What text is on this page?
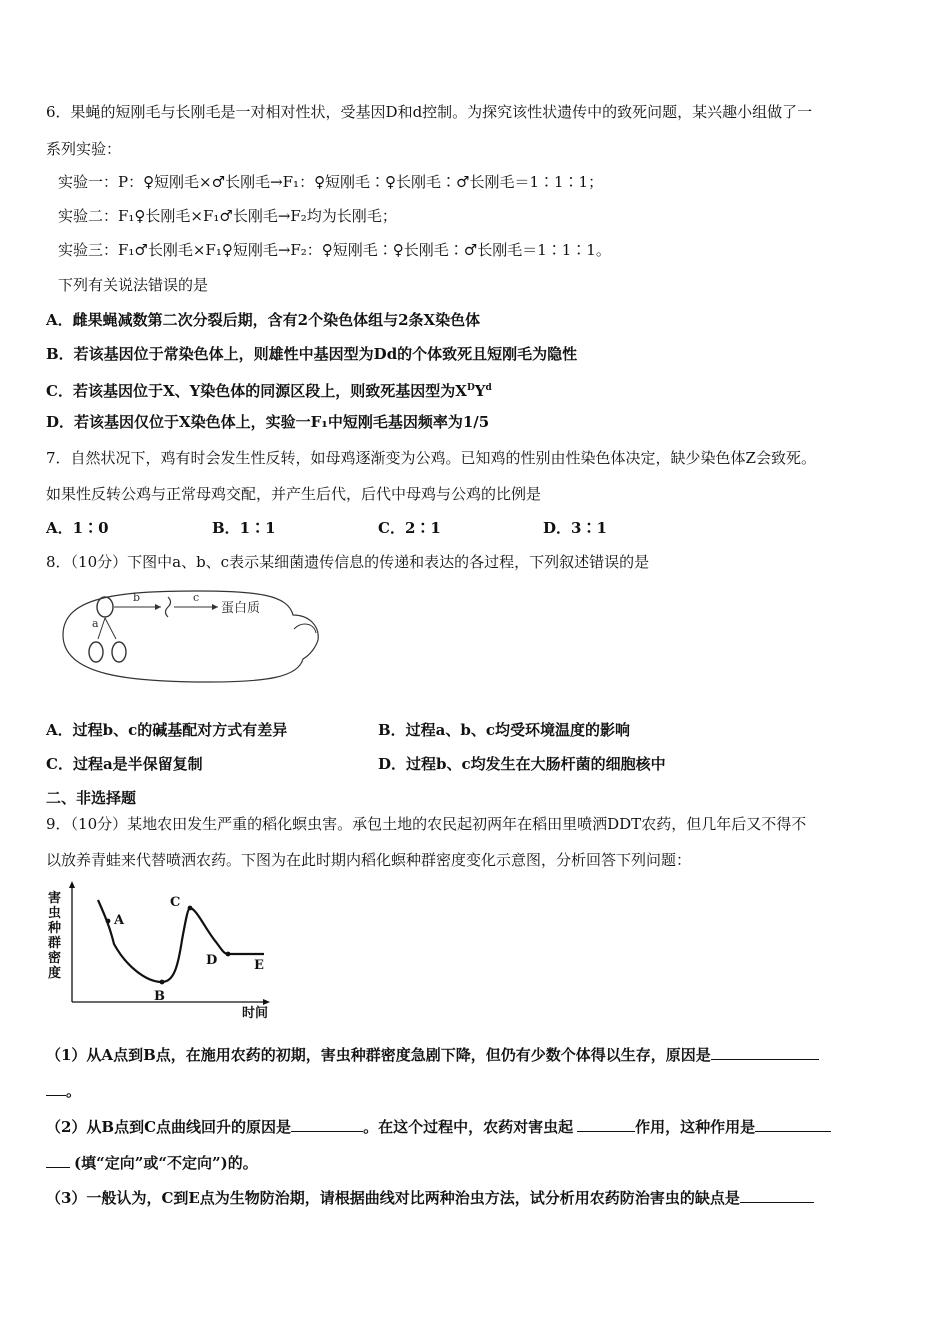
6．果蝇的短刚毛与长刚毛是一对相对性状，受基因D和d控制。为探究该性状遗传中的致死问题，某兴趣小组做了一
系列实验：
实验一：P：♀短刚毛×♂长刚毛→F₁：♀短刚毛∶♀长刚毛∶♂长刚毛＝1∶1∶1；
实验二：F₁♀长刚毛×F₁♂长刚毛→F₂均为长刚毛；
实验三：F₁♂长刚毛×F₁♀短刚毛→F₂：♀短刚毛∶♀长刚毛∶♂长刚毛＝1∶1∶1。
下列有关说法错误的是
A．雌果蝇减数第二次分裂后期，含有2个染色体组与2条X染色体
B．若该基因位于常染色体上，则雄性中基因型为Dd的个体致死且短刚毛为隐性
C．若该基因位于X、Y染色体的同源区段上，则致死基因型为$X^DY^d$
D．若该基因仅位于X染色体上，实验一F₁中短刚毛基因频率为1/5
7．自然状况下，鸡有时会发生性反转，如母鸡逐渐变为公鸡。已知鸡的性别由性染色体决定，缺少染色体Z会致死。
如果性反转公鸡与正常母鸡交配，并产生后代，后代中母鸡与公鸡的比例是
A．1∶0	B．1∶1	C．2∶1	D．3∶1
8．（10分）下图中a、b、c表示某细菌遗传信息的传递和表达的各过程，下列叙述错误的是
a
b	c
蛋白质
A．过程b、c的碱基配对方式有差异	B．过程a、b、c均受环境温度的影响
C．过程a是半保留复制	D．过程b、c均发生在大肠杆菌的细胞核中
二、非选择题
9．（10分）某地农田发生严重的稻化螟虫害。承包土地的农民起初两年在稻田里喷洒DDT农药，但几年后又不得不
以放养青蛙来代替喷洒农药。下图为在此时期内稻化螟种群密度变化示意图，分析回答下列问题：
害虫种群密度
时间
A
B
C
D	E
（1）从A点到B点，在施用农药的初期，害虫种群密度急剧下降，但仍有少数个体得以生存，原因是
。
（2）从B点到C点曲线回升的原因是	。在这个过程中，农药对害虫起	作用，这种作用是
(填“定向”或“不定向”)的。
（3）一般认为，C到E点为生物防治期，请根据曲线对比两种治虫方法，试分析用农药防治害虫的缺点是
